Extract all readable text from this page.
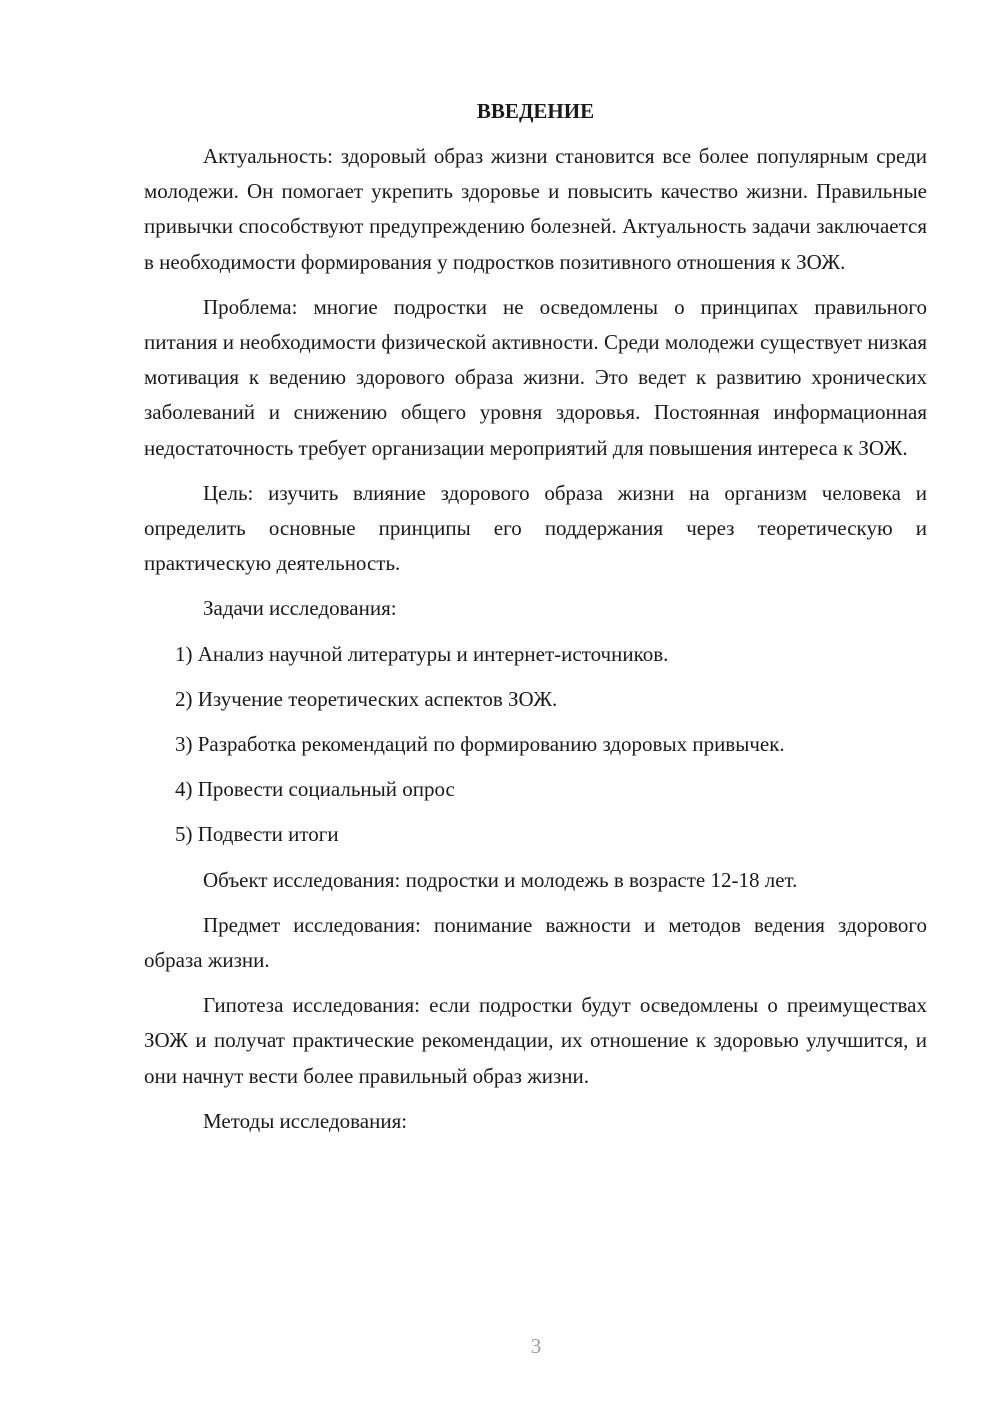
ВВЕДЕНИЕ

Актуальность: здоровый образ жизни становится все более популярным среди молодежи. Он помогает укрепить здоровье и повысить качество жизни. Правильные привычки способствуют предупреждению болезней. Актуальность задачи заключается в необходимости формирования у подростков позитивного отношения к ЗОЖ.

Проблема: многие подростки не осведомлены о принципах правильного питания и необходимости физической активности. Среди молодежи существует низкая мотивация к ведению здорового образа жизни. Это ведет к развитию хронических заболеваний и снижению общего уровня здоровья. Постоянная информационная недостаточность требует организации мероприятий для повышения интереса к ЗОЖ.

Цель: изучить влияние здорового образа жизни на организм человека и определить основные принципы его поддержания через теоретическую и практическую деятельность.

Задачи исследования:

1) Анализ научной литературы и интернет-источников.

2) Изучение теоретических аспектов ЗОЖ.

3) Разработка рекомендаций по формированию здоровых привычек.

4) Провести социальный опрос

5) Подвести итоги

Объект исследования: подростки и молодежь в возрасте 12-18 лет.

Предмет исследования: понимание важности и методов ведения здорового образа жизни.

Гипотеза исследования: если подростки будут осведомлены о преимуществах ЗОЖ и получат практические рекомендации, их отношение к здоровью улучшится, и они начнут вести более правильный образ жизни.

Методы исследования:

3
